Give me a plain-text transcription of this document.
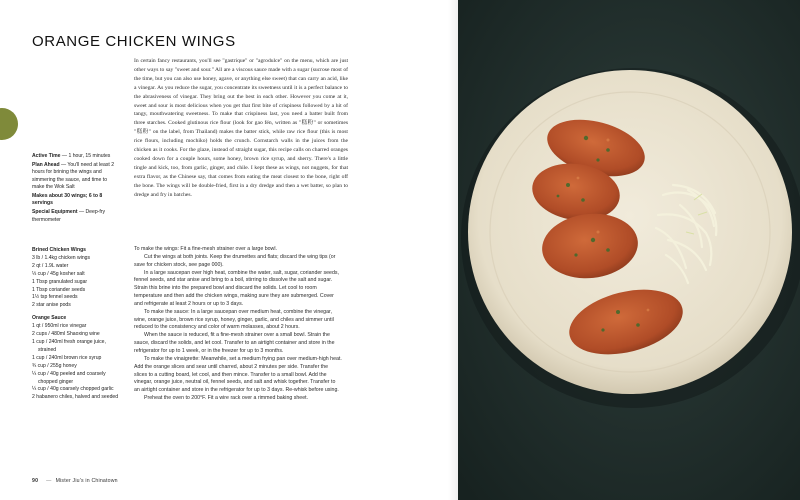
ORANGE CHICKEN WINGS

In certain fancy restaurants, you'll see "gastrique" or "agrodulce" on the menu, which are just other ways to say "sweet and sour." All are a viscous sauce made with a sugar (sucrose most of the time, but you can also use honey, agave, or anything else sweet) that can carry an acid, like a vinegar. As you reduce the sugar, you concentrate its sweetness until it is a perfect balance to the abrasiveness of vinegar. They bring out the best in each other. However you come at it, sweet and sour is most delicious when you get that first bite of crispiness followed by a hit of tangy, mouthwatering sweetness. To make that crispiness last, you need a batter built from three starches. Cooked glutinous rice flour (look for gao fén, written as "糕粉" or sometimes "糕粉" on the label, from Thailand) makes the batter stick, while raw rice flour (this is most rice flours, including mochiko) holds the crunch. Cornstarch walls in the juices from the chicken as it cooks. For the glaze, instead of straight sugar, this recipe calls on charred oranges cooked down for a couple hours, some honey, brown rice syrup, and sherry. There's a little tingle and kick, too, from garlic, ginger, and chile. I kept these as wings, not nuggets, for that extra flavor, as the Chinese say, that comes from eating the meat closest to the bone, right off the bone. The wings will be double-fried, first in a dry dredge and then a wet batter, so plan to dredge and fry in batches.

Active Time — 1 hour, 15 minutes

Plan Ahead — You'll need at least 2 hours for brining the wings and simmering the sauce, and time to make the Wok Salt

Makes about 30 wings; 6 to 8 servings

Special Equipment — Deep-fry thermometer

Brined Chicken Wings
3 lb / 1.4kg chicken wings
2 qt / 1.9L water
⅓ cup / 45g kosher salt
1 Tbsp granulated sugar
1 Tbsp coriander seeds
1½ tsp fennel seeds
2 star anise pods
Orange Sauce
1 qt / 950ml rice vinegar
2 cups / 480ml Shaoxing wine
1 cup / 240ml fresh orange juice, strained
1 cup / 240ml brown rice syrup
¾ cup / 255g honey
¼ cup / 40g peeled and coarsely chopped ginger
¼ cup / 40g coarsely chopped garlic
2 habanero chiles, halved and seeded

To make the wings: Fit a fine-mesh strainer over a large bowl.

Cut the wings at both joints. Keep the drumettes and flats; discard the wing tips (or save for chicken stock, see page 000).

In a large saucepan over high heat, combine the water, salt, sugar, coriander seeds, fennel seeds, and star anise and bring to a boil, stirring to dissolve the salt and sugar. Strain this brine into the prepared bowl and discard the solids. Let cool to room temperature and then add the chicken wings, making sure they are submerged. Cover and refrigerate at least 2 hours or up to 3 days.

To make the sauce: In a large saucepan over medium heat, combine the vinegar, wine, orange juice, brown rice syrup, honey, ginger, garlic, and chiles and simmer until reduced to the consistency and color of warm molasses, about 2 hours.

When the sauce is reduced, fit a fine-mesh strainer over a small bowl. Strain the sauce, discard the solids, and let cool. Transfer to an airtight container and store in the refrigerator for up to 1 week, or in the freezer for up to 3 months.

To make the vinaigrette: Meanwhile, set a medium frying pan over medium-high heat. Add the orange slices and sear until charred, about 2 minutes per side. Transfer the slices to a cutting board, let cool, and then mince. Transfer to a small bowl. Add the vinegar, orange juice, neutral oil, fennel seeds, and salt and whisk together. Transfer to an airtight container and store in the refrigerator for up to 3 days. Re-whisk before using.

Preheat the oven to 200°F. Fit a wire rack over a rimmed baking sheet.

90 — Mister Jiu's in Chinatown
